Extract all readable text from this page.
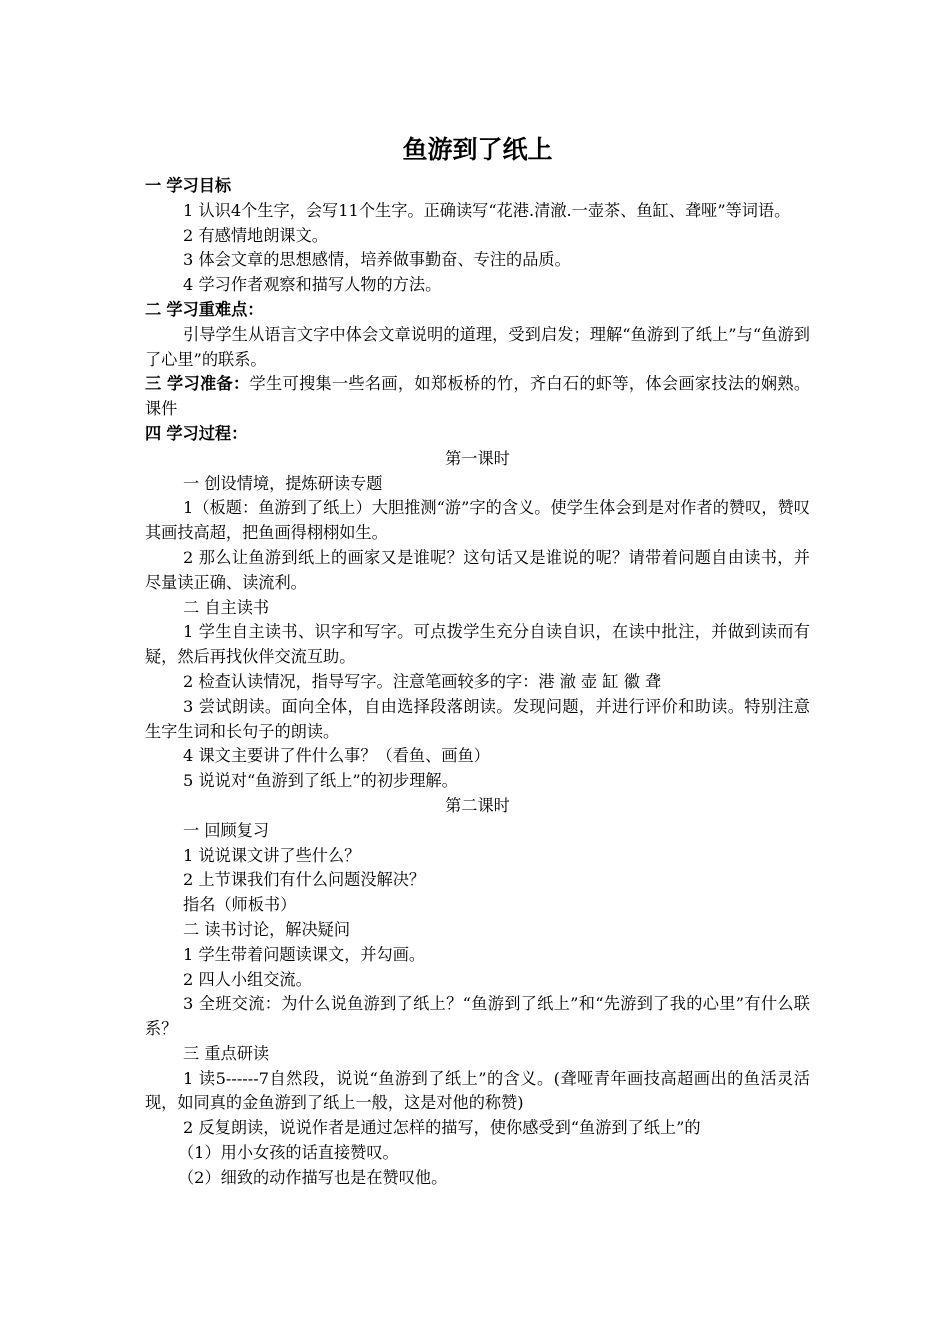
鱼游到了纸上

一 学习目标

1 认识4个生字，会写11个生字。正确读写“花港.清澈.一壶茶、鱼缸、聋哑”等词语。

2 有感情地朗课文。

3 体会文章的思想感情，培养做事勤奋、专注的品质。

4 学习作者观察和描写人物的方法。

二 学习重难点：

引导学生从语言文字中体会文章说明的道理，受到启发；理解“鱼游到了纸上”与“鱼游到了心里”的联系。

三 学习准备：学生可搜集一些名画，如郑板桥的竹，齐白石的虾等，体会画家技法的娴熟。课件

四 学习过程：

第一课时

一 创设情境，提炼研读专题

1（板题：鱼游到了纸上）大胆推测“游”字的含义。使学生体会到是对作者的赞叹，赞叹其画技高超，把鱼画得栩栩如生。

2 那么让鱼游到纸上的画家又是谁呢？这句话又是谁说的呢？请带着问题自由读书，并尽量读正确、读流利。

二 自主读书

1 学生自主读书、识字和写字。可点拨学生充分自读自识，在读中批注，并做到读而有疑，然后再找伙伴交流互助。

2 检查认读情况，指导写字。注意笔画较多的字：港 澈 壶 缸 徽 聋

3 尝试朗读。面向全体，自由选择段落朗读。发现问题，并进行评价和助读。特别注意生字生词和长句子的朗读。

4 课文主要讲了件什么事？（看鱼、画鱼）

5 说说对“鱼游到了纸上”的初步理解。

第二课时

一 回顾复习

1 说说课文讲了些什么？

2 上节课我们有什么问题没解决？

指名（师板书）

二 读书讨论，解决疑问

1 学生带着问题读课文，并勾画。

2 四人小组交流。

3 全班交流：为什么说鱼游到了纸上？“鱼游到了纸上”和“先游到了我的心里”有什么联系？

三 重点研读

1 读5------7自然段，说说“鱼游到了纸上”的含义。(聋哑青年画技高超画出的鱼活灵活现，如同真的金鱼游到了纸上一般，这是对他的称赞)

2 反复朗读，说说作者是通过怎样的描写，使你感受到“鱼游到了纸上”的

（1）用小女孩的话直接赞叹。

（2）细致的动作描写也是在赞叹他。
